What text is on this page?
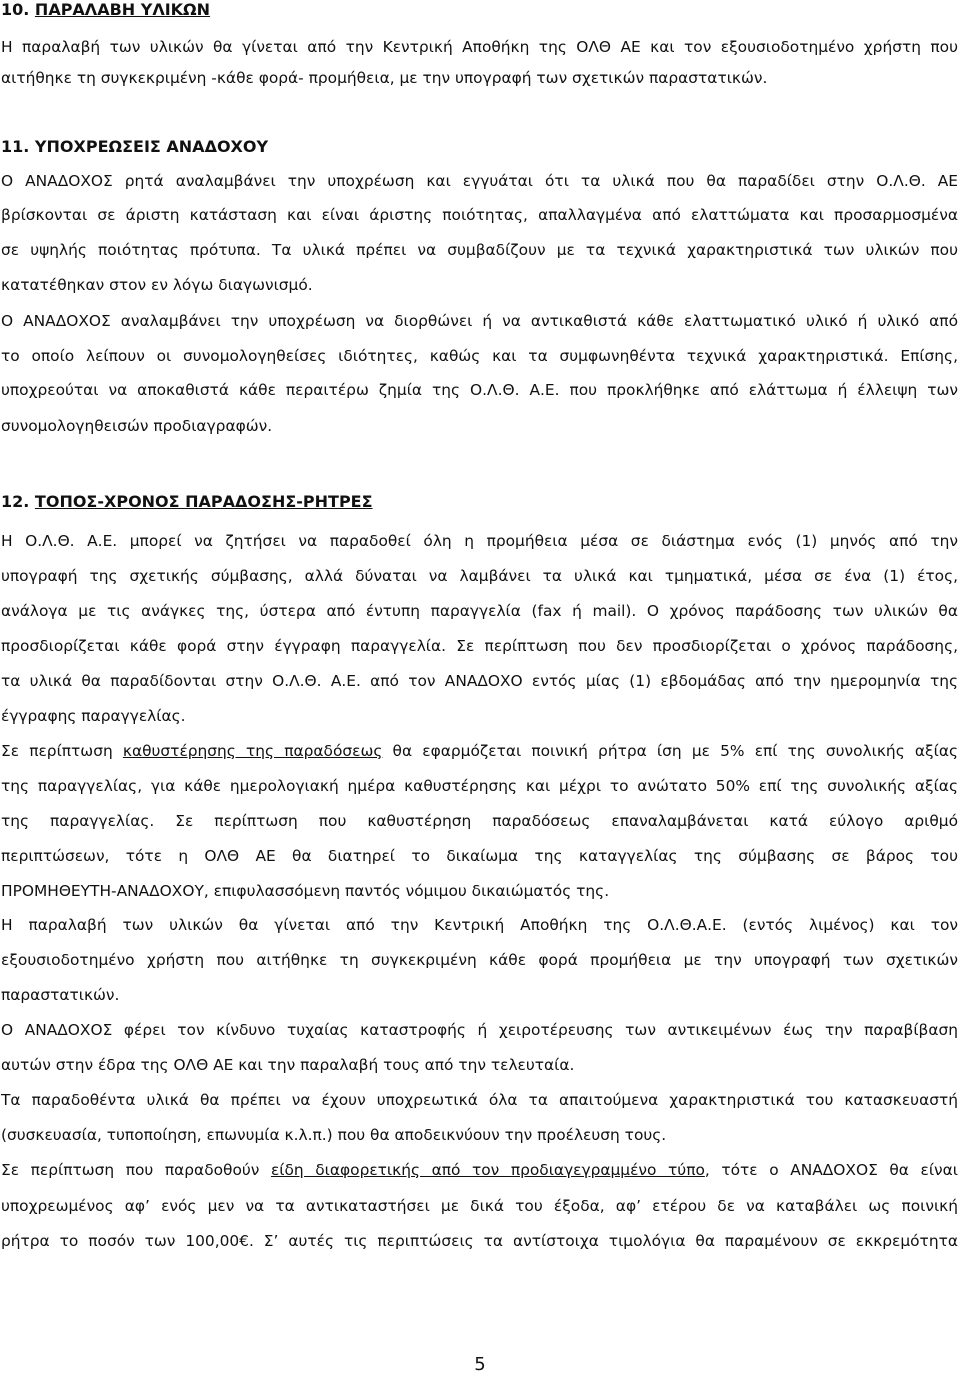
10. ΠΑΡΑΛΑΒΗ ΥΛΙΚΩΝ
Η παραλαβή των υλικών θα γίνεται από την Κεντρική Αποθήκη της ΟΛΘ ΑΕ και τον εξουσιοδοτημένο χρήστη που
αιτήθηκε τη συγκεκριμένη -κάθε φορά- προμήθεια, με την υπογραφή των σχετικών παραστατικών.
11. ΥΠΟΧΡΕΩΣΕΙΣ ΑΝΑΔΟΧΟΥ
Ο ΑΝΑΔΟΧΟΣ ρητά αναλαμβάνει την υποχρέωση και εγγυάται ότι τα υλικά που θα παραδίδει στην Ο.Λ.Θ. ΑΕ
βρίσκονται σε άριστη κατάσταση και είναι άριστης ποιότητας, απαλλαγμένα από ελαττώματα και προσαρμοσμένα
σε υψηλής ποιότητας πρότυπα. Τα υλικά πρέπει να συμβαδίζουν με τα τεχνικά χαρακτηριστικά των υλικών που
κατατέθηκαν στον εν λόγω διαγωνισμό.
Ο ΑΝΑΔΟΧΟΣ αναλαμβάνει την υποχρέωση να διορθώνει ή να αντικαθιστά κάθε ελαττωματικό υλικό ή υλικό από
το οποίο λείπουν οι συνομολογηθείσες ιδιότητες, καθώς και τα συμφωνηθέντα τεχνικά χαρακτηριστικά. Επίσης,
υποχρεούται να αποκαθιστά κάθε περαιτέρω ζημία της Ο.Λ.Θ. Α.Ε. που προκλήθηκε από ελάττωμα ή έλλειψη των
συνομολογηθεισών προδιαγραφών.
12. ΤΟΠΟΣ-ΧΡΟΝΟΣ ΠΑΡΑΔΟΣΗΣ-ΡΗΤΡΕΣ
Η Ο.Λ.Θ. Α.Ε. μπορεί να ζητήσει να παραδοθεί όλη η προμήθεια μέσα σε διάστημα ενός (1) μηνός από την
υπογραφή της σχετικής σύμβασης, αλλά δύναται να λαμβάνει τα υλικά και τμηματικά, μέσα σε ένα (1) έτος,
ανάλογα με τις ανάγκες της, ύστερα από έντυπη παραγγελία (fax ή mail). Ο χρόνος παράδοσης των υλικών θα
προσδιορίζεται κάθε φορά στην έγγραφη παραγγελία. Σε περίπτωση που δεν προσδιορίζεται ο χρόνος παράδοσης,
τα υλικά θα παραδίδονται στην Ο.Λ.Θ. Α.Ε. από τον ΑΝΑΔΟΧΟ εντός μίας (1) εβδομάδας από την ημερομηνία της
έγγραφης παραγγελίας.
Σε περίπτωση καθυστέρησης της παραδόσεως θα εφαρμόζεται ποινική ρήτρα ίση με 5% επί της συνολικής αξίας
της παραγγελίας, για κάθε ημερολογιακή ημέρα καθυστέρησης και μέχρι το ανώτατο 50% επί της συνολικής αξίας
της παραγγελίας. Σε περίπτωση που καθυστέρηση παραδόσεως επαναλαμβάνεται κατά εύλογο αριθμό
περιπτώσεων, τότε η ΟΛΘ ΑΕ θα διατηρεί το δικαίωμα της καταγγελίας της σύμβασης σε βάρος του
ΠΡΟΜΗΘΕΥΤΗ-ΑΝΑΔΟΧΟΥ, επιφυλασσόμενη παντός νόμιμου δικαιώματός της.
Η παραλαβή των υλικών θα γίνεται από την Κεντρική Αποθήκη της Ο.Λ.Θ.Α.Ε. (εντός λιμένος) και τον
εξουσιοδοτημένο χρήστη που αιτήθηκε τη συγκεκριμένη κάθε φορά προμήθεια με την υπογραφή των σχετικών
παραστατικών.
Ο ΑΝΑΔΟΧΟΣ φέρει τον κίνδυνο τυχαίας καταστροφής ή χειροτέρευσης των αντικειμένων έως την παραβίβαση
αυτών στην έδρα της ΟΛΘ ΑΕ και την παραλαβή τους από την τελευταία.
Τα παραδοθέντα υλικά θα πρέπει να έχουν υποχρεωτικά όλα τα απαιτούμενα χαρακτηριστικά του κατασκευαστή
(συσκευασία, τυποποίηση, επωνυμία κ.λ.π.) που θα αποδεικνύουν την προέλευση τους.
Σε περίπτωση που παραδοθούν είδη διαφορετικής από τον προδιαγεγραμμένο τύπο, τότε ο ΑΝΑΔΟΧΟΣ θα είναι
υποχρεωμένος αφ’ ενός μεν να τα αντικαταστήσει με δικά του έξοδα, αφ’ ετέρου δε να καταβάλει ως ποινική
ρήτρα το ποσόν των 100,00€. Σ’ αυτές τις περιπτώσεις τα αντίστοιχα τιμολόγια θα παραμένουν σε εκκρεμότητα
5
